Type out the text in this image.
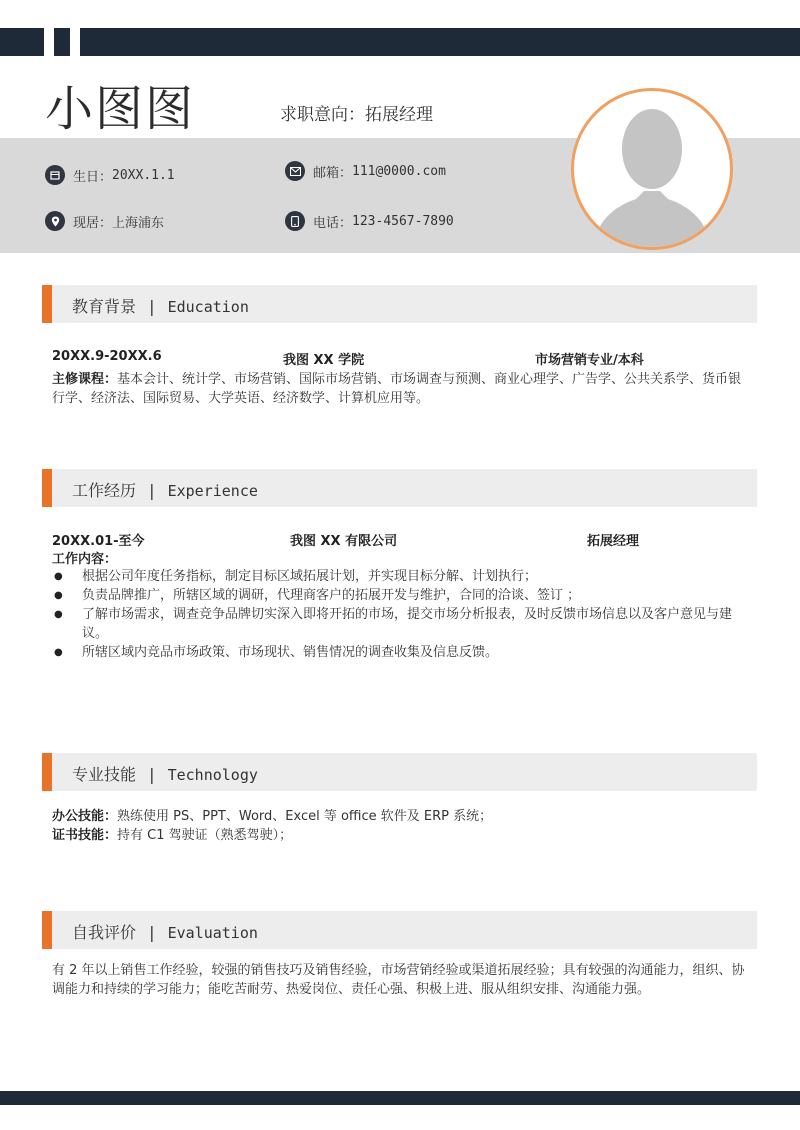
小图图	求职意向：拓展经理
生日： 20XX.1.1	邮箱： 111@0000.com
现居： 上海浦东	电话： 123-4567-7890
教育背景 | Education
20XX.9-20XX.6	我图 XX 学院	市场营销专业/本科
主修课程：基本会计、统计学、市场营销、国际市场营销、市场调查与预测、商业心理学、广告学、公共关系学、货币银行学、经济法、国际贸易、大学英语、经济数学、计算机应用等。
工作经历 | Experience
20XX.01-至今	我图 XX 有限公司	拓展经理
工作内容：
● 根据公司年度任务指标，制定目标区域拓展计划，并实现目标分解、计划执行；
● 负责品牌推广，所辖区域的调研，代理商客户的拓展开发与维护，合同的洽谈、签订 ；
● 了解市场需求，调查竞争品牌切实深入即将开拓的市场，提交市场分析报表，及时反馈市场信息以及客户意见与建议。
● 所辖区域内竞品市场政策、市场现状、销售情况的调查收集及信息反馈。
专业技能 | Technology
办公技能：熟练使用 PS、PPT、Word、Excel 等 office 软件及 ERP 系统；
证书技能：持有 C1 驾驶证（熟悉驾驶）；
自我评价 | Evaluation
有 2 年以上销售工作经验，较强的销售技巧及销售经验，市场营销经验或渠道拓展经验；具有较强的沟通能力，组织、协调能力和持续的学习能力；能吃苦耐劳、热爱岗位、责任心强、积极上进、服从组织安排、沟通能力强。
